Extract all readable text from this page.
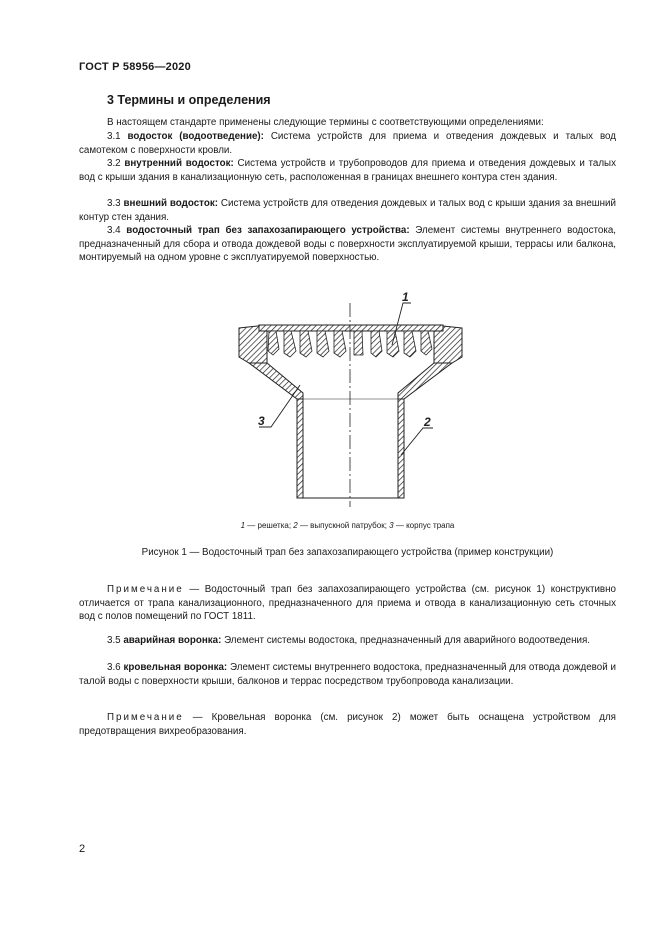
ГОСТ Р 58956—2020
3 Термины и определения
В настоящем стандарте применены следующие термины с соответствующими определениями:
3.1 водосток (водоотведение): Система устройств для приема и отведения дождевых и талых вод самотеком с поверхности кровли.
3.2 внутренний водосток: Система устройств и трубопроводов для приема и отведения дождевых и талых вод с крыши здания в канализационную сеть, расположенная в границах внешнего контура стен здания.
3.3 внешний водосток: Система устройств для отведения дождевых и талых вод с крыши здания за внешний контур стен здания.
3.4 водосточный трап без запахозапирающего устройства: Элемент системы внутреннего водостока, предназначенный для сбора и отвода дождевой воды с поверхности эксплуатируемой крыши, террасы или балкона, монтируемый на одном уровне с эксплуатируемой поверхностью.
1
2
3
1 — решетка; 2 — выпускной патрубок; 3 — корпус трапа
Рисунок 1 — Водосточный трап без запахозапирающего устройства (пример конструкции)
Примечание — Водосточный трап без запахозапирающего устройства (см. рисунок 1) конструктивно отличается от трапа канализационного, предназначенного для приема и отвода в канализационную сеть сточных вод с полов помещений по ГОСТ 1811.
3.5 аварийная воронка: Элемент системы водостока, предназначенный для аварийного водоотведения.
3.6 кровельная воронка: Элемент системы внутреннего водостока, предназначенный для отвода дождевой и талой воды с поверхности крыши, балконов и террас посредством трубопровода канализации.
Примечание — Кровельная воронка (см. рисунок 2) может быть оснащена устройством для предотвращения вихреобразования.
2
